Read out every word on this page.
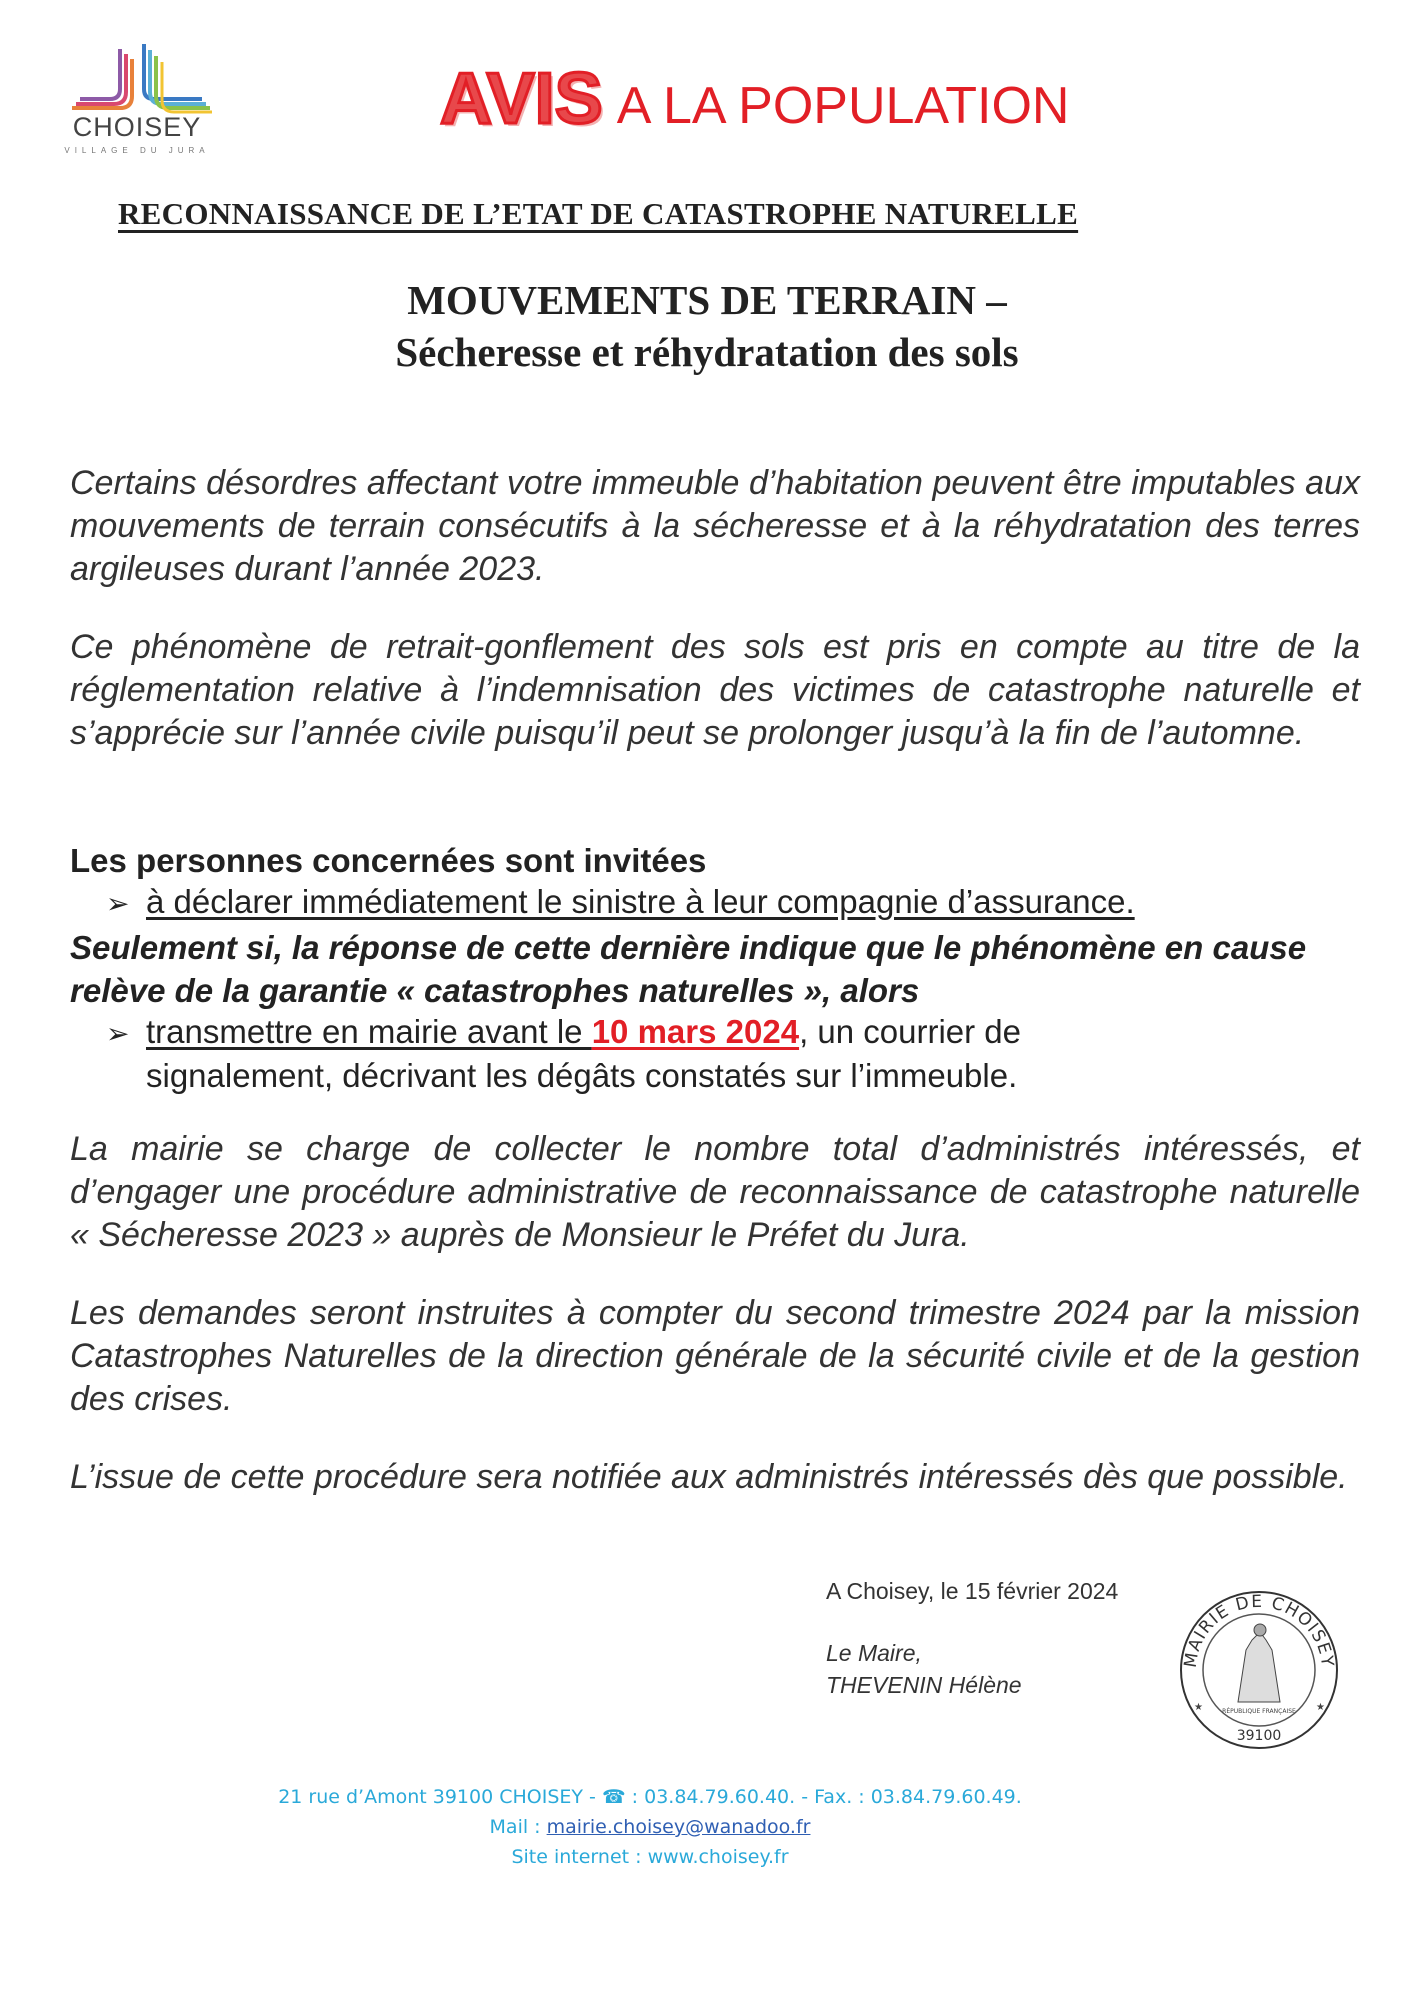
CHOISEY
VILLAGE DU JURA
AVIS A LA POPULATION
RECONNAISSANCE DE L’ETAT DE CATASTROPHE NATURELLE
MOUVEMENTS DE TERRAIN –
Sécheresse et réhydratation des sols
Certains désordres affectant votre immeuble d’habitation peuvent être imputables aux mouvements de terrain consécutifs à la sécheresse et à la réhydratation des terres argileuses durant l’année 2023.
Ce phénomène de retrait-gonflement des sols est pris en compte au titre de la réglementation relative à l’indemnisation des victimes de catastrophe naturelle et s’apprécie sur l’année civile puisqu’il peut se prolonger jusqu’à la fin de l’automne.
Les personnes concernées sont invitées
➢ à déclarer immédiatement le sinistre à leur compagnie d’assurance.
Seulement si, la réponse de cette dernière indique que le phénomène en cause relève de la garantie « catastrophes naturelles », alors
➢ transmettre en mairie avant le 10 mars 2024, un courrier de
signalement, décrivant les dégâts constatés sur l’immeuble.
La mairie se charge de collecter le nombre total d’administrés intéressés, et d’engager une procédure administrative de reconnaissance de catastrophe naturelle « Sécheresse 2023 » auprès de Monsieur le Préfet du Jura.
Les demandes seront instruites à compter du second trimestre 2024 par la mission Catastrophes Naturelles de la direction générale de la sécurité civile et de la gestion des crises.
L’issue de cette procédure sera notifiée aux administrés intéressés dès que possible.
A Choisey, le 15 février 2024
Le Maire,
THEVENIN Hélène
MAIRIE DE CHOISEY
RÉPUBLIQUE FRANÇAISE
★	★
39100
21 rue d’Amont 39100 CHOISEY - ☎ : 03.84.79.60.40. - Fax. : 03.84.79.60.49.
Mail : mairie.choisey@wanadoo.fr
Site internet : www.choisey.fr
